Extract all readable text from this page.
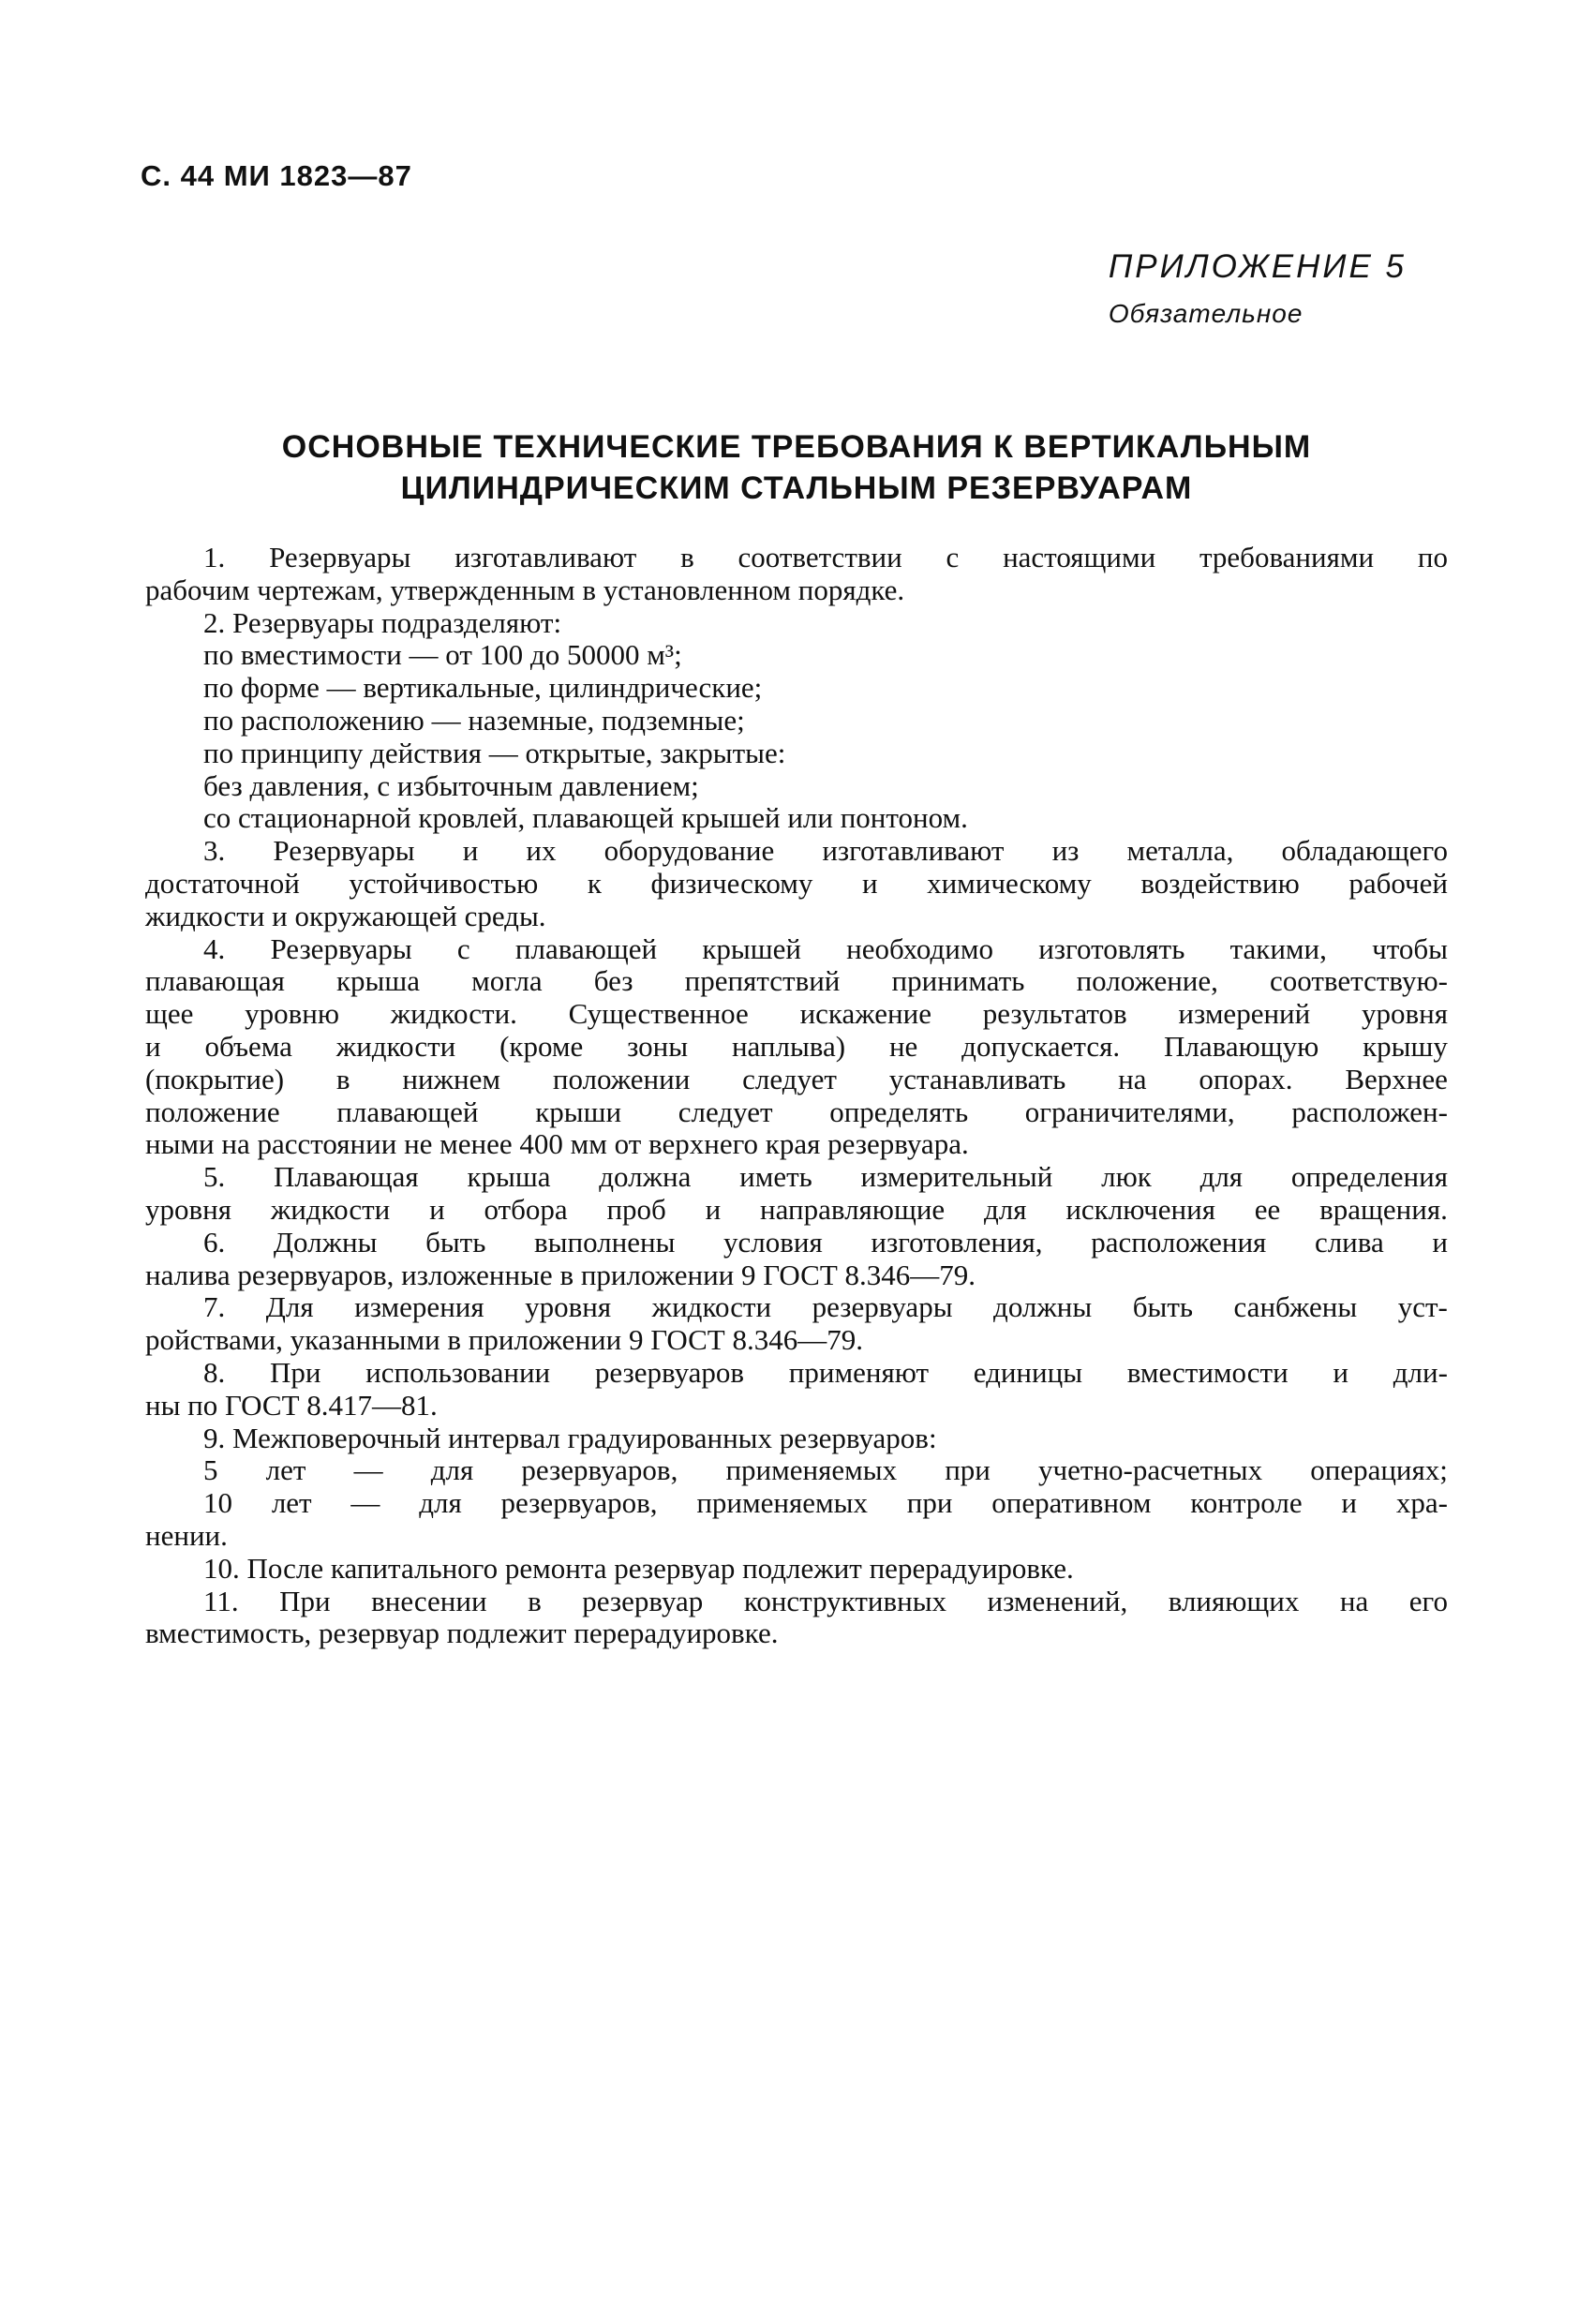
С. 44 МИ 1823—87
ПРИЛОЖЕНИЕ 5
Обязательное
ОСНОВНЫЕ ТЕХНИЧЕСКИЕ ТРЕБОВАНИЯ К ВЕРТИКАЛЬНЫМ
ЦИЛИНДРИЧЕСКИМ СТАЛЬНЫМ РЕЗЕРВУАРАМ
1. Резервуары изготавливают в соответствии с настоящими требованиями по
рабочим чертежам, утвержденным в установленном порядке.
2. Резервуары подразделяют:
по вместимости — от 100 до 50000 м³;
по форме — вертикальные, цилиндрические;
по расположению — наземные, подземные;
по принципу действия — открытые, закрытые:
без давления, с избыточным давлением;
со стационарной кровлей, плавающей крышей или понтоном.
3. Резервуары и их оборудование изготавливают из металла, обладающего
достаточной устойчивостью к физическому и химическому воздействию рабочей
жидкости и окружающей среды.
4. Резервуары с плавающей крышей необходимо изготовлять такими, чтобы
плавающая крыша могла без препятствий принимать положение, соответствую-
щее уровню жидкости. Существенное искажение результатов измерений уровня
и объема жидкости (кроме зоны наплыва) не допускается. Плавающую крышу
(покрытие) в нижнем положении следует устанавливать на опорах. Верхнее
положение плавающей крыши следует определять ограничителями, расположен-
ными на расстоянии не менее 400 мм от верхнего края резервуара.
5. Плавающая крыша должна иметь измерительный люк для определения
уровня жидкости и отбора проб и направляющие для исключения ее вращения.
6. Должны быть выполнены условия изготовления, расположения слива и
налива резервуаров, изложенные в приложении 9 ГОСТ 8.346—79.
7. Для измерения уровня жидкости резервуары должны быть санбжены уст-
ройствами, указанными в приложении 9 ГОСТ 8.346—79.
8. При использовании резервуаров применяют единицы вместимости и дли-
ны по ГОСТ 8.417—81.
9. Межповерочный интервал градуированных резервуаров:
5 лет — для резервуаров, применяемых при учетно-расчетных операциях;
10 лет — для резервуаров, применяемых при оперативном контроле и хра-
нении.
10. После капитального ремонта резервуар подлежит перерадуировке.
11. При внесении в резервуар конструктивных изменений, влияющих на его
вместимость, резервуар подлежит перерадуировке.
